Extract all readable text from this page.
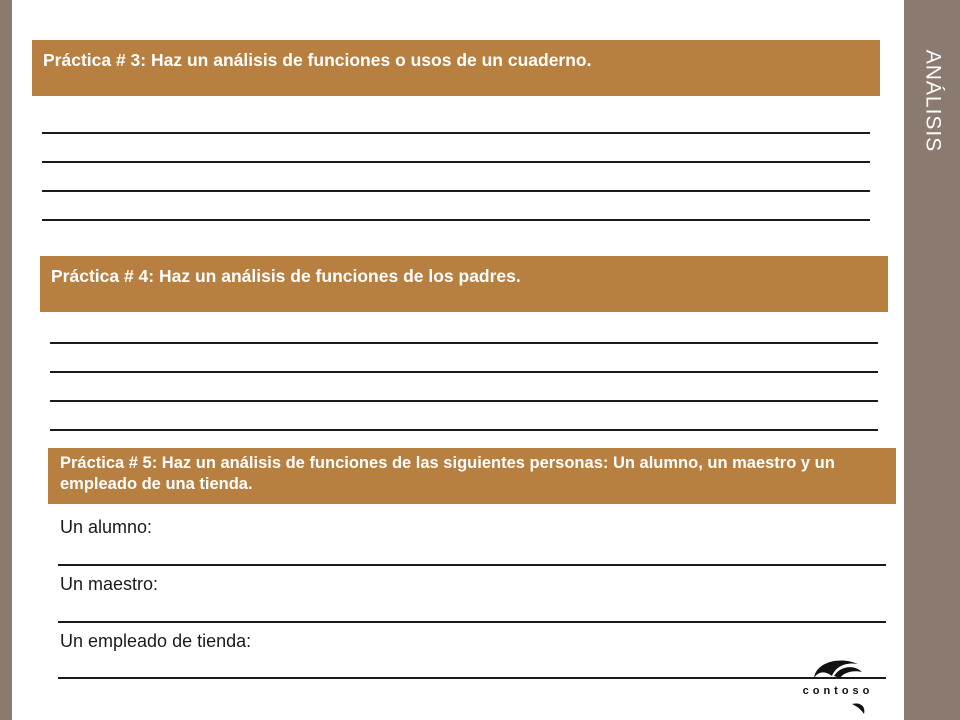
ANÁLISIS
Práctica # 3: Haz un análisis de funciones o usos de un cuaderno.
Práctica # 4: Haz un análisis de funciones de los padres.
Práctica # 5: Haz un análisis de funciones de las siguientes personas: Un alumno, un maestro y un empleado de una tienda.
Un alumno:
Un maestro:
Un empleado de tienda:
contoso
